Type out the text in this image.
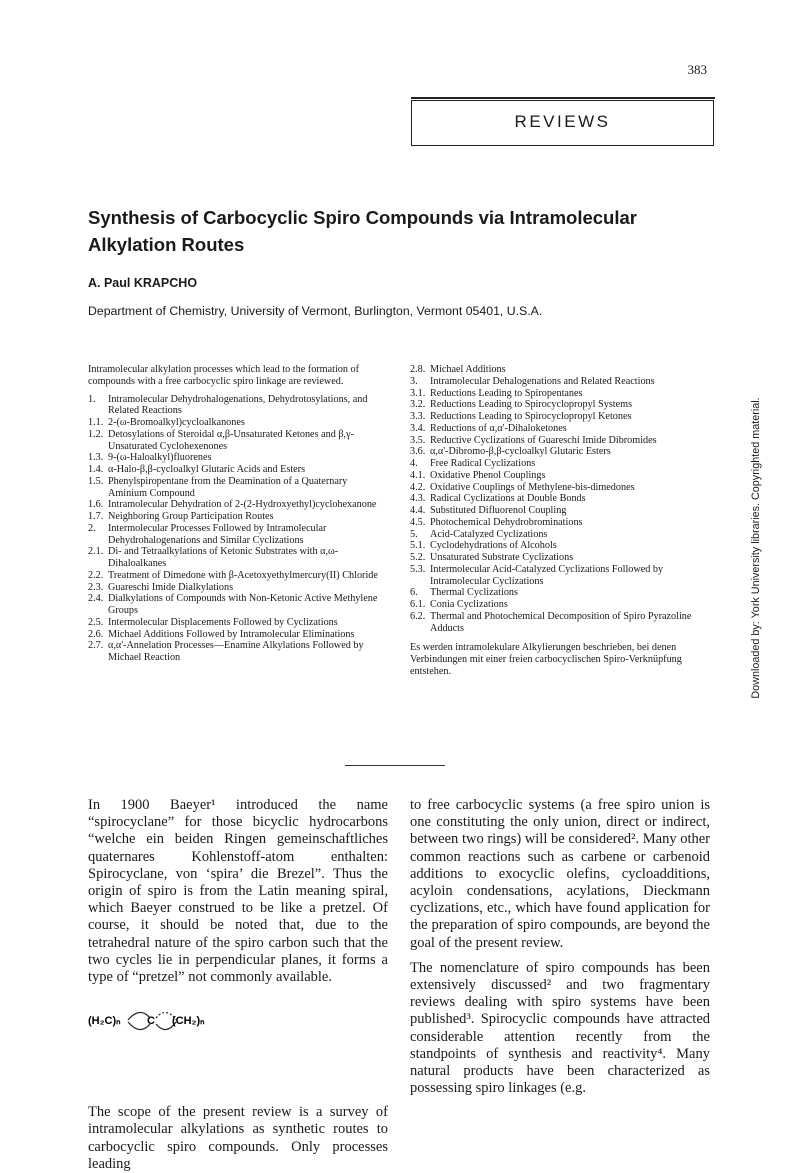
383
REVIEWS
Synthesis of Carbocyclic Spiro Compounds via Intramolecular Alkylation Routes
A. Paul KRAPCHO
Department of Chemistry, University of Vermont, Burlington, Vermont 05401, U.S.A.
Intramolecular alkylation processes which lead to the formation of compounds with a free carbocyclic spiro linkage are reviewed.
1.	Intramolecular Dehydrohalogenations, Dehydrotosylations, and Related Reactions
1.1. 2-(ω-Bromoalkyl)cycloalkanones
1.2. Detosylations of Steroidal α,β-Unsaturated Ketones and β,γ-Unsaturated Cyclohexenones
1.3. 9-(ω-Haloalkyl)fluorenes
1.4. α-Halo-β,β-cycloalkyl Glutaric Acids and Esters
1.5. Phenylspiropentane from the Deamination of a Quaternary Aminium Compound
1.6. Intramolecular Dehydration of 2-(2-Hydroxyethyl)cyclohexanone
1.7. Neighboring Group Participation Routes
2.	Intermolecular Processes Followed by Intramolecular Dehydrohalogenations and Similar Cyclizations
2.1. Di- and Tetraalkylations of Ketonic Substrates with α,ω-Dihaloalkanes
2.2. Treatment of Dimedone with β-Acetoxyethylmercury(II) Chloride
2.3. Guareschi Imide Dialkylations
2.4. Dialkylations of Compounds with Non-Ketonic Active Methylene Groups
2.5. Intermolecular Displacements Followed by Cyclizations
2.6. Michael Additions Followed by Intramolecular Eliminations
2.7. α,α'-Annelation Processes—Enamine Alkylations Followed by Michael Reaction
2.8. Michael Additions
3.	Intramolecular Dehalogenations and Related Reactions
3.1. Reductions Leading to Spiropentanes
3.2. Reductions Leading to Spirocyclopropyl Systems
3.3. Reductions Leading to Spirocyclopropyl Ketones
3.4. Reductions of α,α'-Dihaloketones
3.5. Reductive Cyclizations of Guareschi Imide Dibromides
3.6. α,α'-Dibromo-β,β-cycloalkyl Glutaric Esters
4.	Free Radical Cyclizations
4.1. Oxidative Phenol Couplings
4.2. Oxidative Couplings of Methylene-bis-dimedones
4.3. Radical Cyclizations at Double Bonds
4.4. Substituted Difluorenol Coupling
4.5. Photochemical Dehydrobrominations
5.	Acid-Catalyzed Cyclizations
5.1. Cyclodehydrations of Alcohols
5.2. Unsaturated Substrate Cyclizations
5.3. Intermolecular Acid-Catalyzed Cyclizations Followed by Intramolecular Cyclizations
6.	Thermal Cyclizations
6.1. Conia Cyclizations
6.2. Thermal and Photochemical Decomposition of Spiro Pyrazoline Adducts
Es werden intramolekulare Alkylierungen beschrieben, bei denen Verbindungen mit einer freien carbocyclischen Spiro-Verknüpfung entstehen.
In 1900 Baeyer¹ introduced the name “spirocyclane” for those bicyclic hydrocarbons “welche ein beiden Ringen gemeinschaftliches quaternares Kohlenstoff-atom enthalten: Spirocyclane, von ‘spira’ die Brezel”. Thus the origin of spiro is from the Latin meaning spiral, which Baeyer construed to be like a pretzel. Of course, it should be noted that, due to the tetrahedral nature of the spiro carbon such that the two cycles lie in perpendicular planes, it forms a type of “pretzel” not commonly available.
(H₂C)ₙ C (CH₂)ₙ
The scope of the present review is a survey of intramolecular alkylations as synthetic routes to carbocyclic spiro compounds. Only processes leading
to free carbocyclic systems (a free spiro union is one constituting the only union, direct or indirect, between two rings) will be considered². Many other common reactions such as carbene or carbenoid additions to exocyclic olefins, cycloadditions, acyloin condensations, acylations, Dieckmann cyclizations, etc., which have found application for the preparation of spiro compounds, are beyond the goal of the present review.
The nomenclature of spiro compounds has been extensively discussed² and two fragmentary reviews dealing with spiro systems have been published³. Spirocyclic compounds have attracted considerable attention recently from the standpoints of synthesis and reactivity⁴. Many natural products have been characterized as possessing spiro linkages (e.g.
Downloaded by: York University libraries. Copyrighted material.
